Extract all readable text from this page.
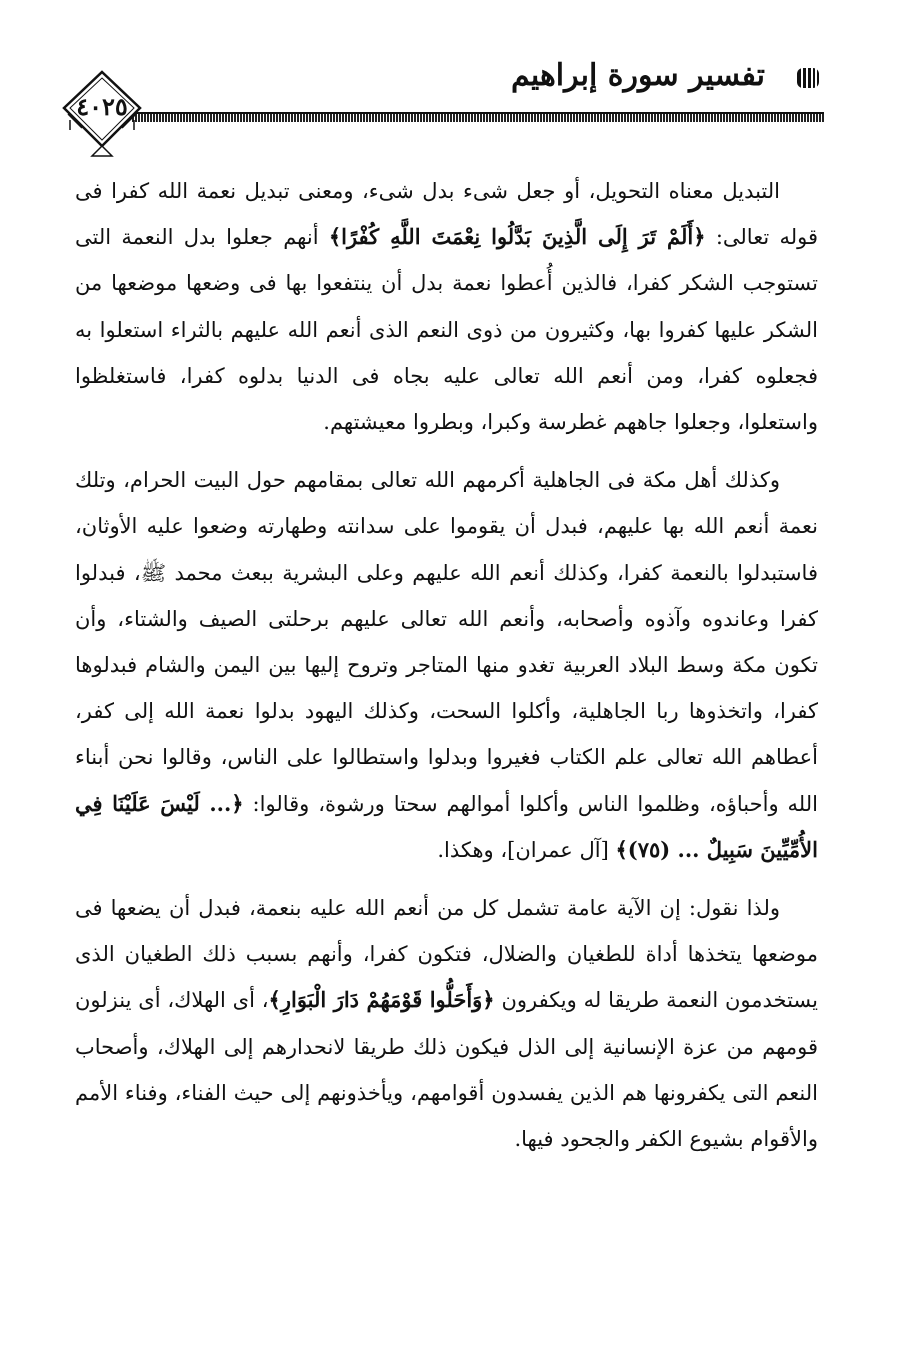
تفسير سورة إبراهيم
٤٠٢٥

التبديل معناه التحويل، أو جعل شىء بدل شىء، ومعنى تبديل نعمة الله كفرا فى قوله تعالى: ﴿أَلَمْ تَرَ إِلَى الَّذِينَ بَدَّلُوا نِعْمَتَ اللَّهِ كُفْرًا﴾ أنهم جعلوا بدل النعمة التى تستوجب الشكر كفرا، فالذين أُعطوا نعمة بدل أن ينتفعوا بها فى وضعها موضعها من الشكر عليها كفروا بها، وكثيرون من ذوى النعم الذى أنعم الله عليهم بالثراء استعلوا به فجعلوه كفرا، ومن أنعم الله تعالى عليه بجاه فى الدنيا بدلوه كفرا، فاستغلظوا واستعلوا، وجعلوا جاههم غطرسة وكبرا، وبطروا معيشتهم.

وكذلك أهل مكة فى الجاهلية أكرمهم الله تعالى بمقامهم حول البيت الحرام، وتلك نعمة أنعم الله بها عليهم، فبدل أن يقوموا على سدانته وطهارته وضعوا عليه الأوثان، فاستبدلوا بالنعمة كفرا، وكذلك أنعم الله عليهم وعلى البشرية ببعث محمد ﷺ، فبدلوا كفرا وعاندوه وآذوه وأصحابه، وأنعم الله تعالى عليهم برحلتى الصيف والشتاء، وأن تكون مكة وسط البلاد العربية تغدو منها المتاجر وتروح إليها بين اليمن والشام فبدلوها كفرا، واتخذوها ربا الجاهلية، وأكلوا السحت، وكذلك اليهود بدلوا نعمة الله إلى كفر، أعطاهم الله تعالى علم الكتاب فغيروا وبدلوا واستطالوا على الناس، وقالوا نحن أبناء الله وأحباؤه، وظلموا الناس وأكلوا أموالهم سحتا ورشوة، وقالوا: ﴿... لَيْسَ عَلَيْنَا فِي الأُمِّيِّينَ سَبِيلٌ ... (٧٥)﴾ [آل عمران]، وهكذا.

ولذا نقول: إن الآية عامة تشمل كل من أنعم الله عليه بنعمة، فبدل أن يضعها فى موضعها يتخذها أداة للطغيان والضلال، فتكون كفرا، وأنهم بسبب ذلك الطغيان الذى يستخدمون النعمة طريقا له ويكفرون ﴿وَأَحَلُّوا قَوْمَهُمْ دَارَ الْبَوَارِ﴾، أى الهلاك، أى ينزلون قومهم من عزة الإنسانية إلى الذل فيكون ذلك طريقا لانحدارهم إلى الهلاك، وأصحاب النعم التى يكفرونها هم الذين يفسدون أقوامهم، ويأخذونهم إلى حيث الفناء، وفناء الأمم والأقوام بشيوع الكفر والجحود فيها.
